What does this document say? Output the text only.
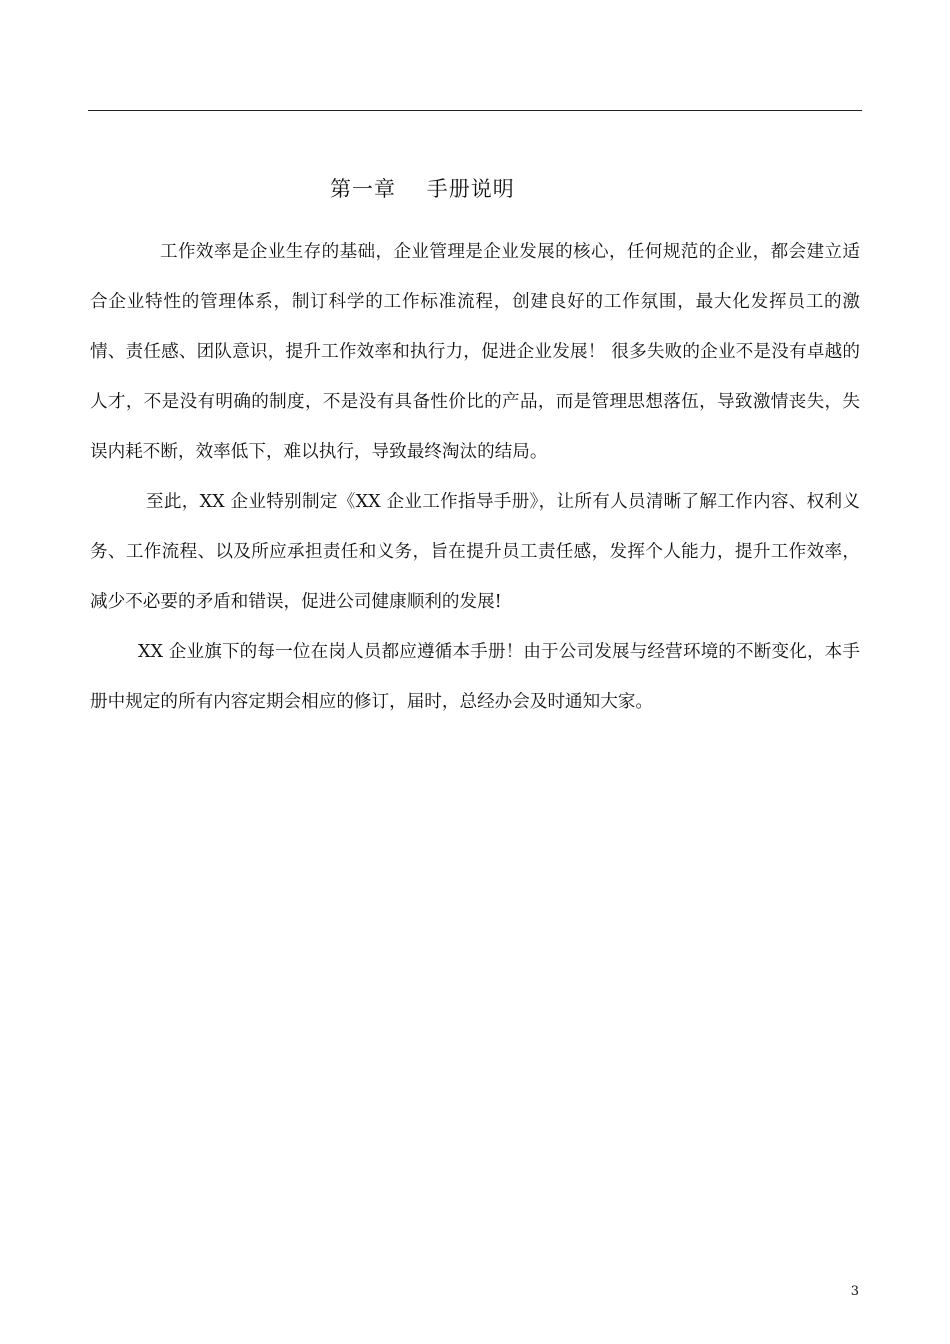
第一章    手册说明

工作效率是企业生存的基础，企业管理是企业发展的核心，任何规范的企业，都会建立适合企业特性的管理体系，制订科学的工作标准流程，创建良好的工作氛围，最大化发挥员工的激情、责任感、团队意识，提升工作效率和执行力，促进企业发展！ 很多失败的企业不是没有卓越的人才，不是没有明确的制度，不是没有具备性价比的产品，而是管理思想落伍，导致激情丧失，失误内耗不断，效率低下，难以执行，导致最终淘汰的结局。

至此，XX 企业特别制定《XX 企业工作指导手册》，让所有人员清晰了解工作内容、权利义务、工作流程、以及所应承担责任和义务，旨在提升员工责任感，发挥个人能力，提升工作效率，减少不必要的矛盾和错误，促进公司健康顺利的发展!

XX 企业旗下的每一位在岗人员都应遵循本手册！由于公司发展与经营环境的不断变化，本手册中规定的所有内容定期会相应的修订，届时，总经办会及时通知大家。

3
